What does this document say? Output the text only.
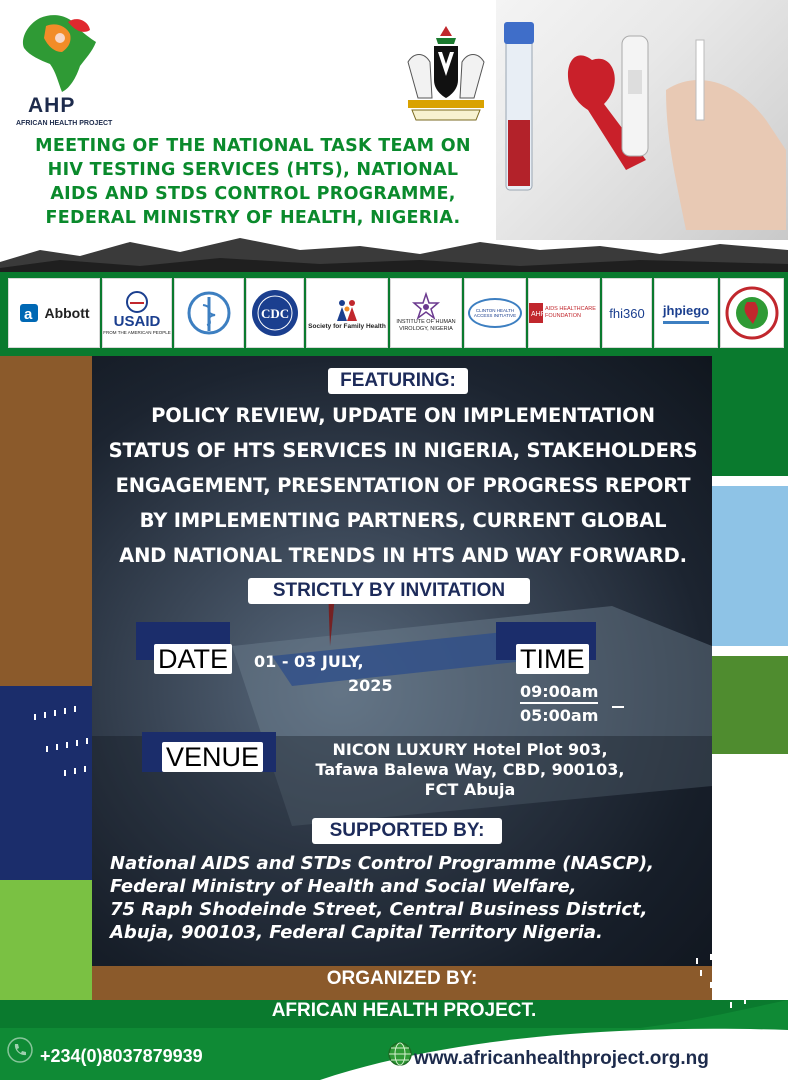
AHP
AFRICAN HEALTH PROJECT
MEETING OF THE NATIONAL TASK TEAM ON
HIV TESTING SERVICES (HTS), NATIONAL
AIDS AND STDS CONTROL PROGRAMME,
FEDERAL MINISTRY OF HEALTH, NIGERIA.
a Abbott USAID
FROM THE AMERICAN PEOPLE
CDC
Society for Family Health
INSTITUTE OF HUMAN VIROLOGY, NIGERIA
CLINTON HEALTH ACCESS INITIATIVE	AHF
AIDS HEALTHCARE FOUNDATION	fhi360 jhpiego
FEATURING:
POLICY REVIEW, UPDATE ON IMPLEMENTATION
STATUS OF HTS SERVICES IN NIGERIA, STAKEHOLDERS
ENGAGEMENT, PRESENTATION OF PROGRESS REPORT
BY IMPLEMENTING PARTNERS, CURRENT GLOBAL
AND NATIONAL TRENDS IN HTS AND WAY FORWARD.
STRICTLY BY INVITATION
DATE 01 - 03 JULY,
2025
TIME
09:00am
05:00am
VENUE	NICON LUXURY Hotel Plot 903,
Tafawa Balewa Way, CBD, 900103,
FCT Abuja
SUPPORTED BY:
National AIDS and STDs Control Programme (NASCP),
Federal Ministry of Health and Social Welfare,
75 Raph Shodeinde Street, Central Business District,
Abuja, 900103, Federal Capital Territory Nigeria.
ORGANIZED BY:
AFRICAN HEALTH PROJECT.
+234(0)8037879939	www.africanhealthproject.org.ng
